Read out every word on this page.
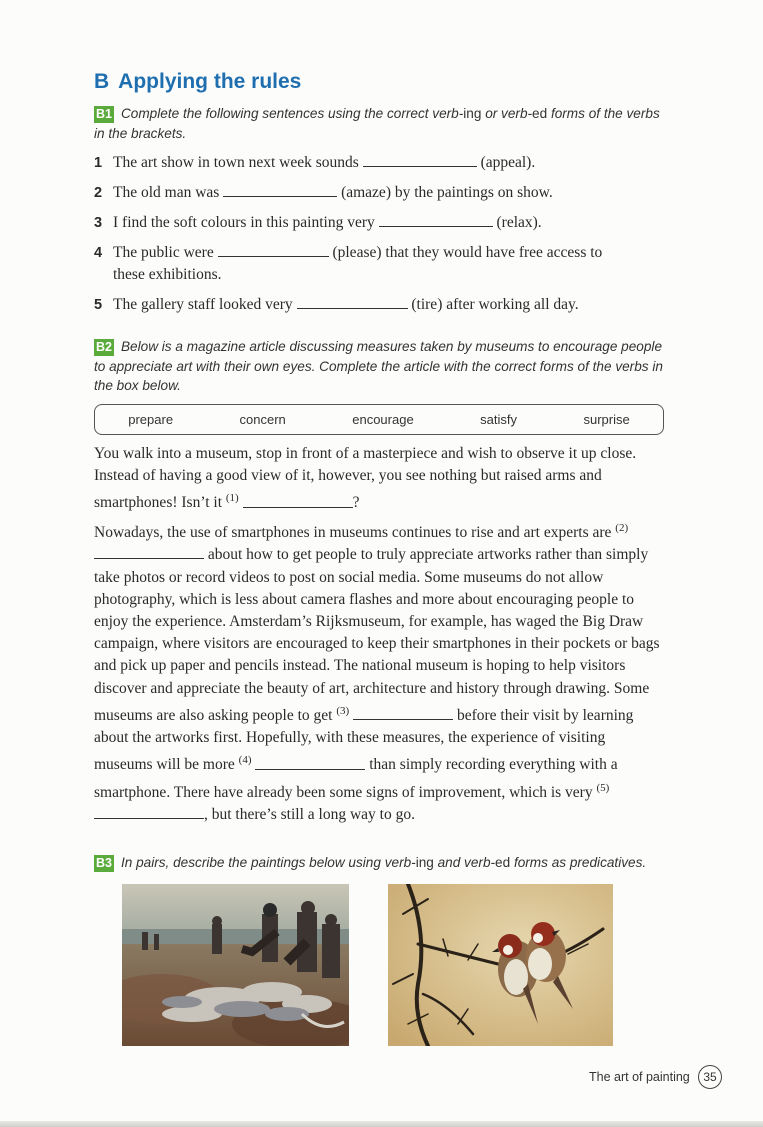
B Applying the rules
B1 Complete the following sentences using the correct verb-ing or verb-ed forms of the verbs in the brackets.
1 The art show in town next week sounds	(appeal).
2 The old man was	(amaze) by the paintings on show.
3 I find the soft colours in this painting very	(relax).
4 The public were	(please) that they would have free access to
these exhibitions.
5 The gallery staff looked very	(tire) after working all day.
B2 Below is a magazine article discussing measures taken by museums to encourage people to appreciate art with their own eyes. Complete the article with the correct forms of the verbs in the box below.
prepare	concern	encourage	satisfy	surprise
You walk into a museum, stop in front of a masterpiece and wish to observe it up close. Instead of having a good view of it, however, you see nothing but raised arms and smartphones! Isn’t it $^{(1)}$	?
Nowadays, the use of smartphones in museums continues to rise and art experts are $^{(2)}$  about how to get people to truly appreciate artworks rather than simply take photos or record videos to post on social media. Some museums do not allow photography, which is less about camera flashes and more about encouraging people to enjoy the experience. Amsterdam’s Rijksmuseum, for example, has waged the Big Draw campaign, where visitors are encouraged to keep their smartphones in their pockets or bags and pick up paper and pencils instead. The national museum is hoping to help visitors discover and appreciate the beauty of art, architecture and history through drawing. Some museums are also asking people to get $^{(3)}$	before their visit by learning about the artworks first. Hopefully, with these measures, the experience of visiting museums will be more $^{(4)}$	than simply recording everything with a smartphone. There have already been some signs of improvement, which is very $^{(5)}$ , but there’s still a long way to go.
B3 In pairs, describe the paintings below using verb-ing and verb-ed forms as predicatives.
The art of painting	35
